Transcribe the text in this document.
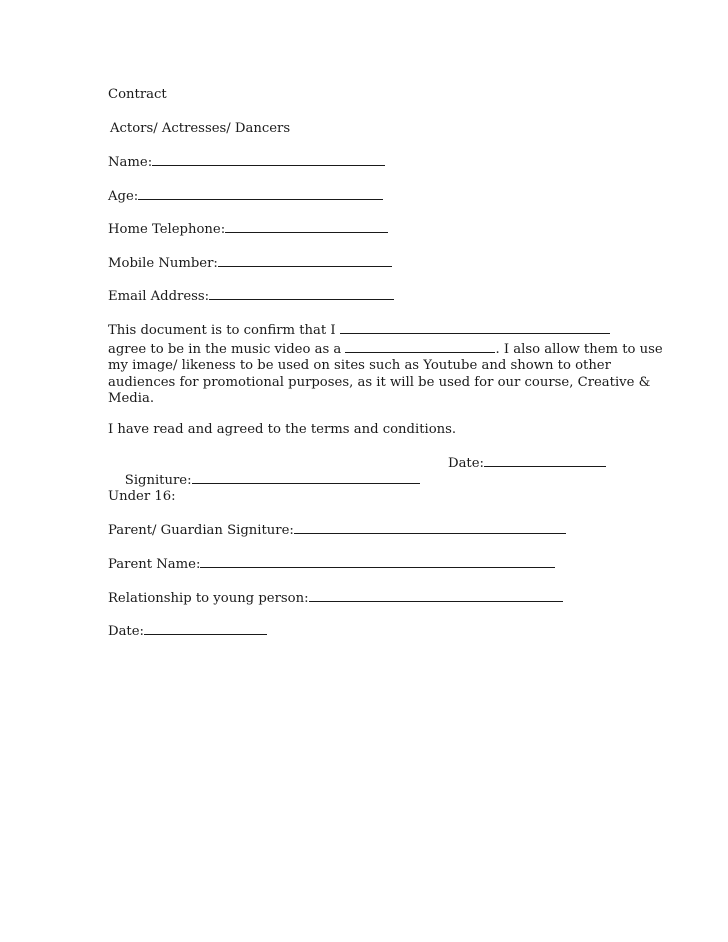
Contract
Actors/ Actresses/ Dancers
Name:
Age:
Home Telephone:
Mobile Number:
Email Address:
This document is to confirm that I
agree to be in the music video as a	. I also allow them to use
my image/ likeness to be used on sites such as Youtube and shown to other
audiences for promotional purposes, as it will be used for our course, Creative &
Media.
I have read and agreed to the terms and conditions.

Signiture:

Date:

Under 16:
Parent/ Guardian Signiture:
Parent Name:
Relationship to young person:
Date:
